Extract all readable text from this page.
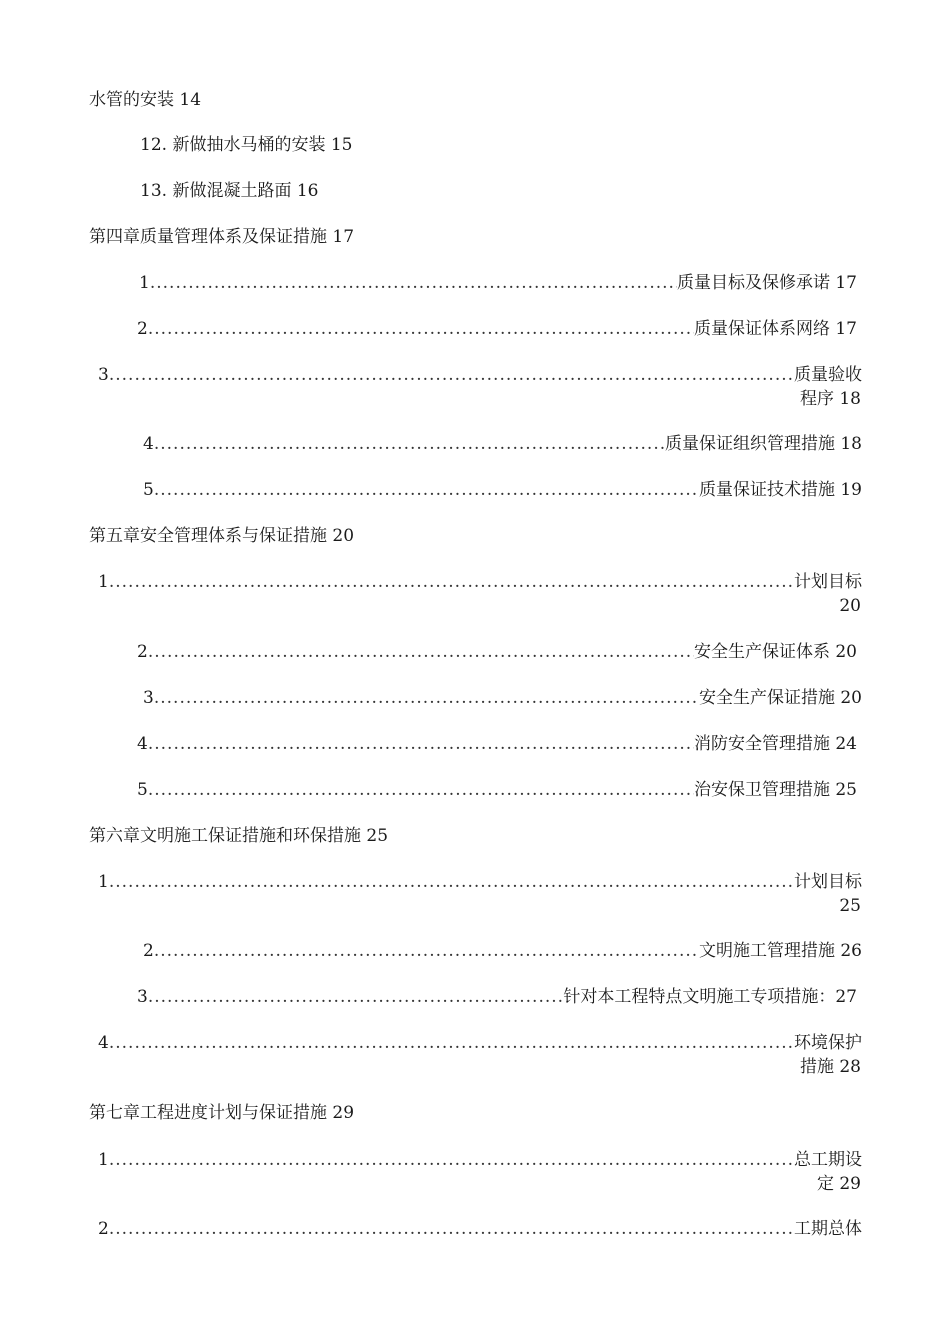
水管的安装 14
12. 新做抽水马桶的安装 15
13. 新做混凝土路面 16
第四章质量管理体系及保证措施 17
1 .....	质量目标及保修承诺 17
2 .....	质量保证体系网络 17
3 .....	质量验收
程序 18
4 .....	质量保证组织管理措施 18
5 .....	质量保证技术措施 19
第五章安全管理体系与保证措施 20
1 .....	计划目标
20
2 .....	安全生产保证体系 20
3 .....	安全生产保证措施 20
4 .....	消防安全管理措施 24
5 .....	治安保卫管理措施 25
第六章文明施工保证措施和环保措施 25
1 .....	计划目标
25
2 .....	文明施工管理措施 26
3 .....	针对本工程特点文明施工专项措施：27
4 .....	环境保护
措施 28
第七章工程进度计划与保证措施 29
1 .....	总工期设
定 29
2 .....	工期总体
